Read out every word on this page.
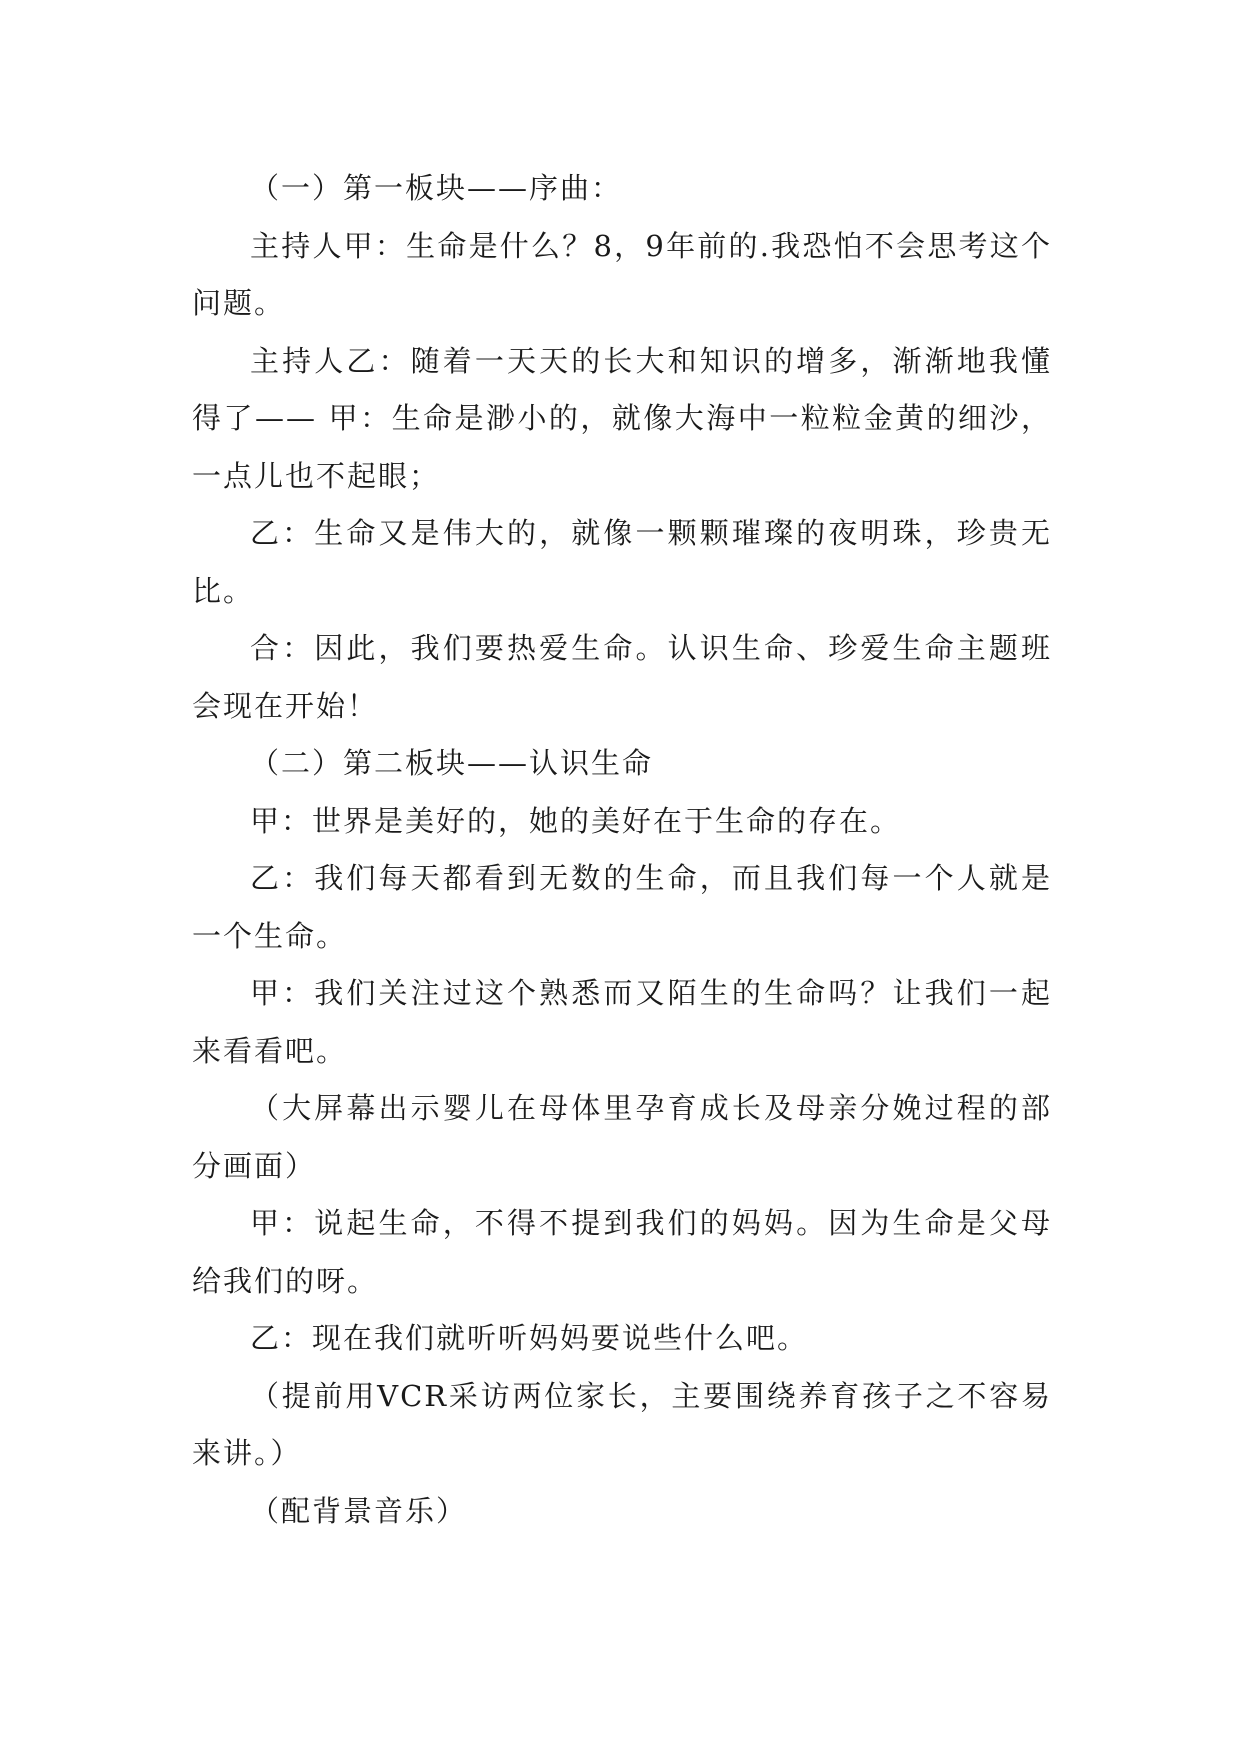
（一）第一板块——序曲：

主持人甲：生命是什么？8，9年前的.我恐怕不会思考这个问题。

主持人乙：随着一天天的长大和知识的增多，渐渐地我懂得了—— 甲：生命是渺小的，就像大海中一粒粒金黄的细沙，一点儿也不起眼；

乙：生命又是伟大的，就像一颗颗璀璨的夜明珠，珍贵无比。

合：因此，我们要热爱生命。认识生命、珍爱生命主题班会现在开始！

（二）第二板块——认识生命

甲：世界是美好的，她的美好在于生命的存在。

乙：我们每天都看到无数的生命，而且我们每一个人就是一个生命。

甲：我们关注过这个熟悉而又陌生的生命吗？让我们一起来看看吧。

（大屏幕出示婴儿在母体里孕育成长及母亲分娩过程的部分画面）

甲：说起生命，不得不提到我们的妈妈。因为生命是父母给我们的呀。

乙：现在我们就听听妈妈要说些什么吧。

（提前用VCR采访两位家长，主要围绕养育孩子之不容易来讲。）

（配背景音乐）
